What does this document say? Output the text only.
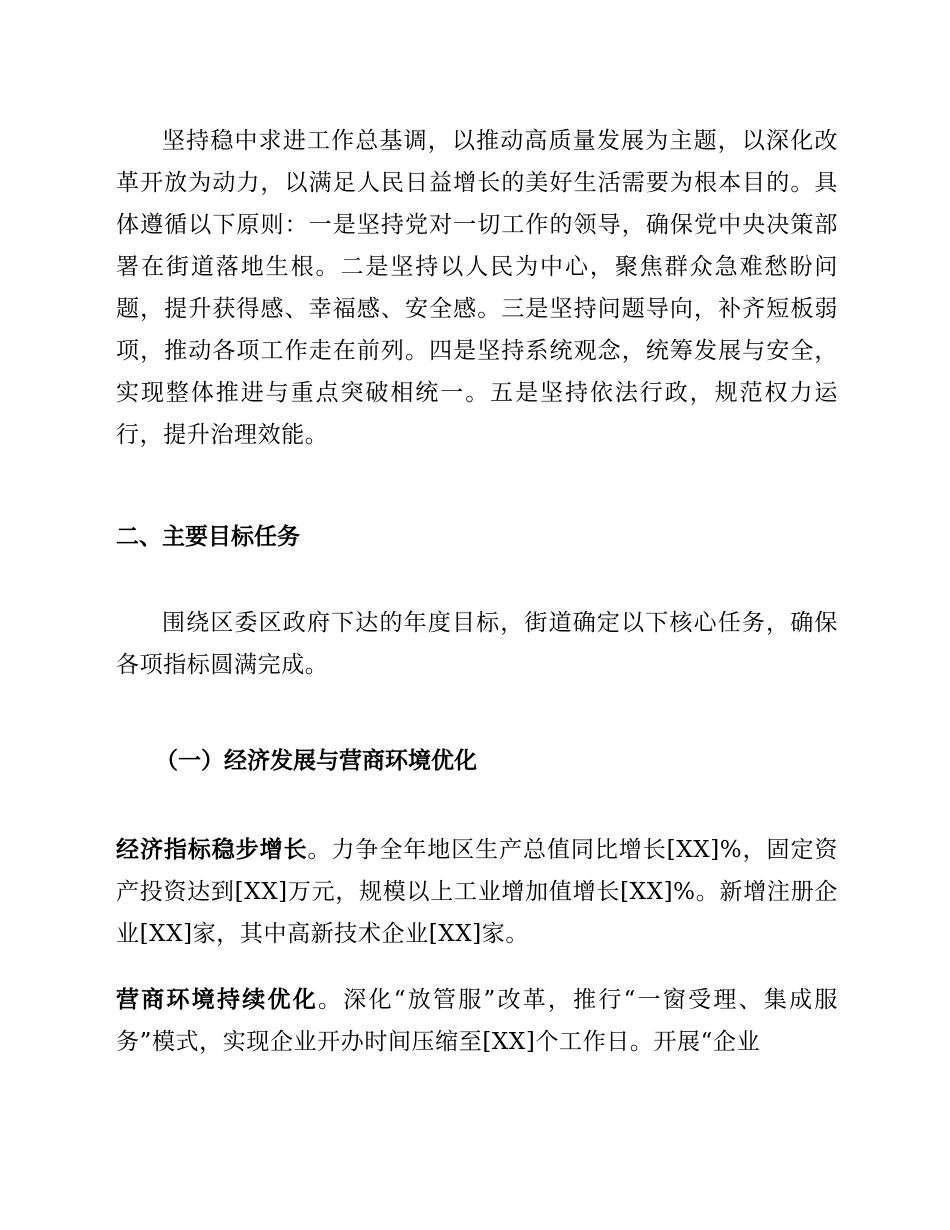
坚持稳中求进工作总基调，以推动高质量发展为主题，以深化改革开放为动力，以满足人民日益增长的美好生活需要为根本目的。具体遵循以下原则：一是坚持党对一切工作的领导，确保党中央决策部署在街道落地生根。二是坚持以人民为中心，聚焦群众急难愁盼问题，提升获得感、幸福感、安全感。三是坚持问题导向，补齐短板弱项，推动各项工作走在前列。四是坚持系统观念，统筹发展与安全，实现整体推进与重点突破相统一。五是坚持依法行政，规范权力运行，提升治理效能。

二、主要目标任务

围绕区委区政府下达的年度目标，街道确定以下核心任务，确保各项指标圆满完成。

（一）经济发展与营商环境优化

经济指标稳步增长。力争全年地区生产总值同比增长[XX]%，固定资产投资达到[XX]万元，规模以上工业增加值增长[XX]%。新增注册企业[XX]家，其中高新技术企业[XX]家。

营商环境持续优化。深化“放管服”改革，推行“一窗受理、集成服务”模式，实现企业开办时间压缩至[XX]个工作日。开展“企业
